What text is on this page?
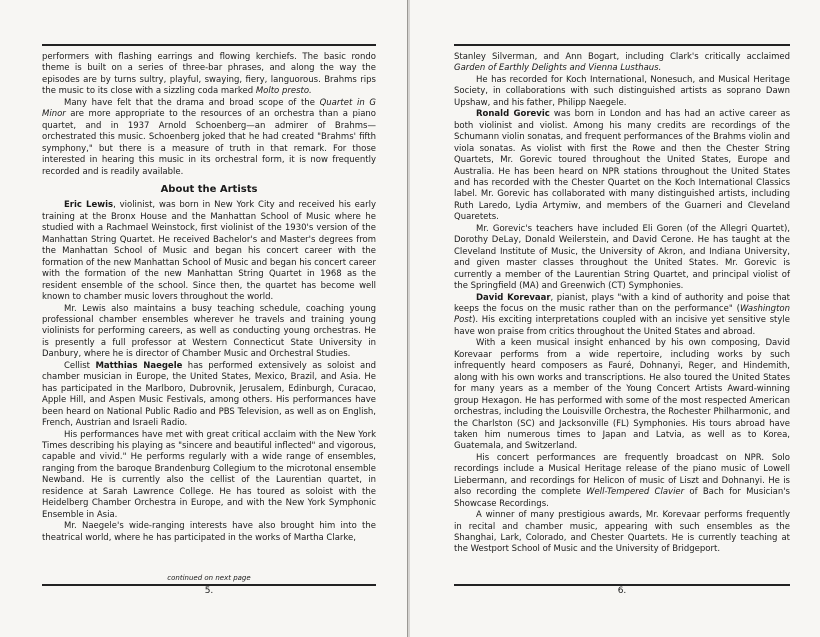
performers with flashing earrings and flowing kerchiefs. The basic rondo theme is built on a series of three-bar phrases, and along the way the episodes are by turns sultry, playful, swaying, fiery, languorous. Brahms rips the music to its close with a sizzling coda marked Molto presto.

Many have felt that the drama and broad scope of the Quartet in G Minor are more appropriate to the resources of an orchestra than a piano quartet, and in 1937 Arnold Schoenberg—an admirer of Brahms—orchestrated this music. Schoenberg joked that he had created "Brahms' fifth symphony," but there is a measure of truth in that remark. For those interested in hearing this music in its orchestral form, it is now frequently recorded and is readily available.

About the Artists

Eric Lewis, violinist, was born in New York City and received his early training at the Bronx House and the Manhattan School of Music where he studied with a Rachmael Weinstock, first violinist of the 1930's version of the Manhattan String Quartet. He received Bachelor's and Master's degrees from the Manhattan School of Music and began his concert career with the formation of the new Manhattan School of Music and began his concert career with the formation of the new Manhattan String Quartet in 1968 as the resident ensemble of the school. Since then, the quartet has become well known to chamber music lovers throughout the world.

Mr. Lewis also maintains a busy teaching schedule, coaching young professional chamber ensembles wherever he travels and training young violinists for performing careers, as well as conducting young orchestras. He is presently a full professor at Western Connecticut State University in Danbury, where he is director of Chamber Music and Orchestral Studies.

Cellist Matthias Naegele has performed extensively as soloist and chamber musician in Europe, the United States, Mexico, Brazil, and Asia. He has participated in the Marlboro, Dubrovnik, Jerusalem, Edinburgh, Curacao, Apple Hill, and Aspen Music Festivals, among others. His performances have been heard on National Public Radio and PBS Television, as well as on English, French, Austrian and Israeli Radio.

His performances have met with great critical acclaim with the New York Times describing his playing as "sincere and beautiful inflected" and vigorous, capable and vivid." He performs regularly with a wide range of ensembles, ranging from the baroque Brandenburg Collegium to the microtonal ensemble Newband. He is currently also the cellist of the Laurentian quartet, in residence at Sarah Lawrence College. He has toured as soloist with the Heidelberg Chamber Orchestra in Europe, and with the New York Symphonic Ensemble in Asia.

Mr. Naegele's wide-ranging interests have also brought him into the theatrical world, where he has participated in the works of Martha Clarke,

continued on next page
5.

Stanley Silverman, and Ann Bogart, including Clark's critically acclaimed Garden of Earthly Delights and Vienna Lusthaus.

He has recorded for Koch International, Nonesuch, and Musical Heritage Society, in collaborations with such distinguished artists as soprano Dawn Upshaw, and his father, Philipp Naegele.

Ronald Gorevic was born in London and has had an active career as both violinist and violist. Among his many credits are recordings of the Schumann violin sonatas, and frequent performances of the Brahms violin and viola sonatas. As violist with first the Rowe and then the Chester String Quartets, Mr. Gorevic toured throughout the United States, Europe and Australia. He has been heard on NPR stations throughout the United States and has recorded with the Chester Quartet on the Koch International Classics label. Mr. Gorevic has collaborated with many distinguished artists, including Ruth Laredo, Lydia Artymiw, and members of the Guarneri and Cleveland Quaretets.

Mr. Gorevic's teachers have included Eli Goren (of the Allegri Quartet), Dorothy DeLay, Donald Weilerstein, and David Cerone. He has taught at the Cleveland Institute of Music, the University of Akron, and Indiana University, and given master classes throughout the United States. Mr. Gorevic is currently a member of the Laurentian String Quartet, and principal violist of the Springfield (MA) and Greenwich (CT) Symphonies.

David Korevaar, pianist, plays "with a kind of authority and poise that keeps the focus on the music rather than on the performance" (Washington Post). His exciting interpretations coupled with an incisive yet sensitive style have won praise from critics throughout the United States and abroad.

With a keen musical insight enhanced by his own composing, David Korevaar performs from a wide repertoire, including works by such infrequently heard composers as Fauré, Dohnanyi, Reger, and Hindemith, along with his own works and transcriptions. He also toured the United States for many years as a member of the Young Concert Artists Award-winning group Hexagon. He has performed with some of the most respected American orchestras, including the Louisville Orchestra, the Rochester Philharmonic, and the Charlston (SC) and Jacksonville (FL) Symphonies. His tours abroad have taken him numerous times to Japan and Latvia, as well as to Korea, Guatemala, and Switzerland.

His concert performances are frequently broadcast on NPR. Solo recordings include a Musical Heritage release of the piano music of Lowell Liebermann, and recordings for Helicon of music of Liszt and Dohnanyi. He is also recording the complete Well-Tempered Clavier of Bach for Musician's Showcase Recordings.

A winner of many prestigious awards, Mr. Korevaar performs frequently in recital and chamber music, appearing with such ensembles as the Shanghai, Lark, Colorado, and Chester Quartets. He is currently teaching at the Westport School of Music and the University of Bridgeport.

6.
